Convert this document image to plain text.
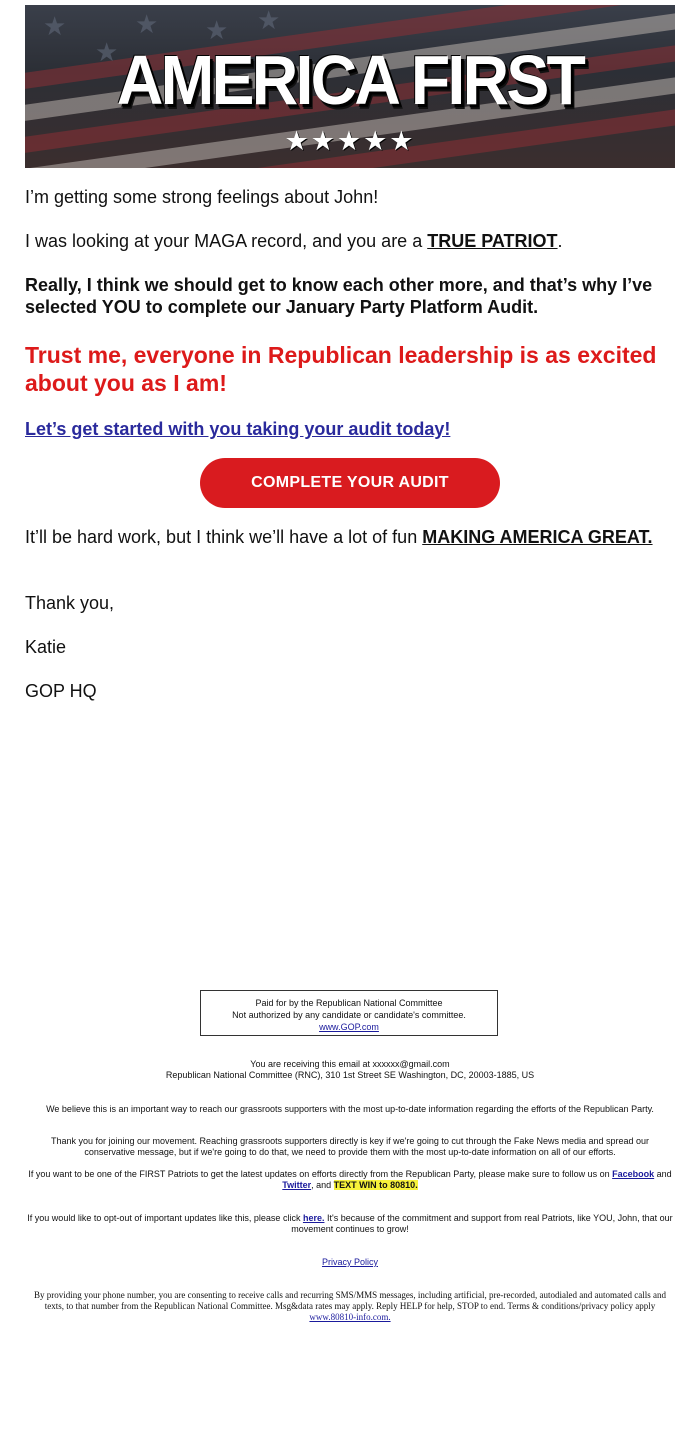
★
★
★ ★ ★
AMERICA FIRST
★★★★★

I’m getting some strong feelings about John!

I was looking at your MAGA record, and you are a TRUE PATRIOT.

Really, I think we should get to know each other more, and that’s why I’ve selected YOU to complete our January Party Platform Audit.

Trust me, everyone in Republican leadership is as excited about you as I am!

Let’s get started with you taking your audit today!

COMPLETE YOUR AUDIT

It’ll be hard work, but I think we’ll have a lot of fun MAKING AMERICA GREAT.

Thank you,

Katie

GOP HQ

Paid for by the Republican National Committee
Not authorized by any candidate or candidate's committee.
www.GOP.com

You are receiving this email at xxxxxx@gmail.com
Republican National Committee (RNC), 310 1st Street SE Washington, DC, 20003-1885, US

We believe this is an important way to reach our grassroots supporters with the most up-to-date information regarding the efforts of the Republican Party.

Thank you for joining our movement. Reaching grassroots supporters directly is key if we're going to cut through the Fake News media and spread our conservative message, but if we're going to do that, we need to provide them with the most up-to-date information on all of our efforts.

If you want to be one of the FIRST Patriots to get the latest updates on efforts directly from the Republican Party, please make sure to follow us on Facebook and Twitter, and TEXT WIN to 80810.

If you would like to opt-out of important updates like this, please click here. It's because of the commitment and support from real Patriots, like YOU, John, that our movement continues to grow!

Privacy Policy

By providing your phone number, you are consenting to receive calls and recurring SMS/MMS messages, including artificial, pre-recorded, autodialed and automated calls and texts, to that number from the Republican National Committee. Msg&data rates may apply. Reply HELP for help, STOP to end. Terms & conditions/privacy policy apply www.80810-info.com.
